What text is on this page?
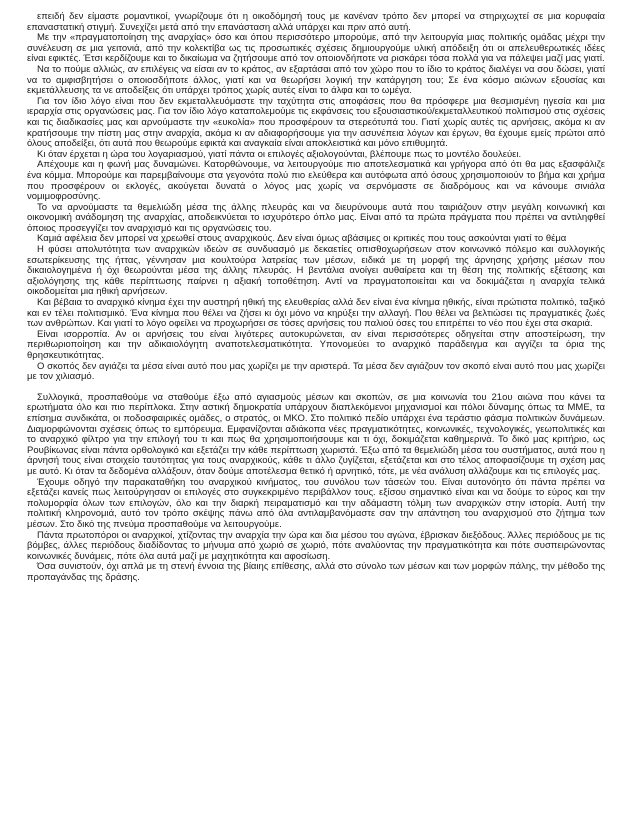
επειδή δεν είμαστε ρομαντικοί, γνωρίζουμε ότι η οικοδόμησή τους με κανέναν τρόπο δεν μπορεί να στηριχωχτεί σε μια κορυφαία επαναστατική στιγμή. Συνεχίζει μετά από την επανάσταση αλλά υπάρχει και πριν από αυτή.

Με την «πραγματοποίηση της αναρχίας» όσο και όπου περισσότερο μπορούμε, από την λειτουργία μιας πολιτικής ομάδας μέχρι την συνέλευση σε μια γειτονιά, από την κολεκτίβα ως τις προσωπικές σχέσεις δημιουργούμε υλική απόδειξη ότι οι απελευθερωτικές ιδέες είναι εφικτές. Έτσι κερδίζουμε και το δικαίωμα να ζητήσουμε από τον οποιονδήποτε να ρισκάρει τόσα πολλά για να πάλεψει μαζί μας γιατί.

Να το πούμε αλλιώς, αν επιλέγεις να είσαι αν το κράτος, αν εξαρτάσαι από τον χώρο που το ίδιο το κράτος διαλέγει να σου δώσει, γιατί να το αμφισβητήσει ο οποιοσδήποτε άλλος, γιατί και να θεωρήσει λογική την κατάργηση του; Σε ένα κόσμο αιώνων εξουσίας και εκμετάλλευσης τα νε αποδείξεις ότι υπάρχει τρόπος χωρίς αυτές είναι το άλφα και το ωμέγα.

Για τον ίδιο λόγο είναι που δεν εκμεταλλευόμαστε την ταχύτητα στις αποφάσεις που θα πρόσφερε μια θεσμισμένη ηγεσία και μια ιεραρχία στις οργανώσεις μας. Για τον ίδιο λόγο καταπολεμούμε τις εκφάνσεις του εξουσιαστικού/εκμεταλλευτικού πολιτισμού στις σχέσεις και τις διαδικασίες μας και αρνούμαστε την «ευκολία» που προσφέρουν τα στερεότυπά του. Γιατί χωρίς αυτές τις αρνήσεις, ακόμα κι αν κρατήσουμε την πίστη μας στην αναρχία, ακόμα κι αν αδιαφορήσουμε για την ασυνέπεια λόγων και έργων, θα έχουμε εμείς πρώτοι από όλους αποδείξει, ότι αυτά που θεωρούμε εφικτά και αναγκαία είναι αποκλειστικά και μόνο επιθυμητά.

Κι όταν έρχεται η ώρα του λογαριασμού, γιατί πάντα οι επιλογές αξιολογούνται, βλέπουμε πως το μοντέλο δουλεύει.

Απέχουμε και η φωνή μας δυναμώνει. Κατορθώνουμε, να λειτουργούμε πιο αποτελεσματικά και γρήγορα από ότι θα μας εξασφάλιζε ένα κόμμα. Μπορούμε και παρεμβαίνουμε στα γεγονότα πολύ πιο ελεύθερα και αυτόφωτα από όσους χρησιμοποιούν το βήμα και χρήμα που προσφέρουν οι εκλογές, ακούγεται δυνατά ο λόγος μας χωρίς να σερνόμαστε σε διαδρόμους και να κάνουμε σινιάλα νομιμοφροσύνης.

Το να αρνούμαστε τα θεμελιώδη μέσα της άλλης πλευράς και να διευρύνουμε αυτά που ταιριάζουν στην μεγάλη κοινωνική και οικονομική ανάδομηση της αναρχίας, αποδεικνύεται το ισχυρότερο όπλο μας. Είναι από τα πρώτα πράγματα που πρέπει να αντιληφθεί όποιος προσεγγίζει τον αναρχισμό και τις οργανώσεις του.

Καμιά αφέλεια δεν μπορεί να χρεωθεί στους αναρχικούς. Δεν είναι όμως αβάσιμες οι κριτικές που τους ασκούνται γιατί το θέμα

Η φύσει απολυτότητα των αναρχικών ιδεών σε συνδυασμό με δεκαετίες οπισθοχωρήσεων στον κοινωνικό πόλεμο και συλλογικής εσωτερίκευσης της ήττας, γέννησαν μια κουλτούρα λατρείας των μέσων, ειδικά με τη μορφή της άρνησης χρήσης μέσων που δικαιολογημένα ή όχι θεωρούνται μέσα της άλλης πλευράς. Η βεντάλια ανοίγει αυθαίρετα και τη θέση της πολιτικής εξέτασης και αξιολόγησης της κάθε περίπτωσης παίρνει η αξιακή τοποθέτηση. Αντί να πραγματοποιείται και να δοκιμάζεται η αναρχία τελικά οικοδομείται μια ηθική αρνήσεων.

Και βέβαια το αναρχικό κίνημα έχει την αυστηρή ηθική της ελευθερίας αλλά δεν είναι ένα κίνημα ηθικής, είναι πρώτιστα πολιτικό, ταξικό και εν τέλει πολιτισμικό. Ένα κίνημα που θέλει να ζήσει κι όχι μόνο να κηρύξει την αλλαγή. Που θέλει να βελτιώσει τις πραγματικές ζωές των ανθρώπων. Και γιατί το λόγο οφείλει να προχωρήσει σε τόσες αρνήσεις του παλιού όσες του επιτρέπει το νέο που έχει στα σκαριά.

Είναι ισορροπία. Αν οι αρνήσεις του είναι λιγότερες αυτοκυρώνεται, αν είναι περισσότερες οδηγείται στην αποστείρωση, την περιθωριοποίηση και την αδικαιολόγητη αναποτελεσματικότητα. Υπονομεύει το αναρχικό παράδειγμα και αγγίζει τα όρια της θρησκευτικότητας.

Ο σκοπός δεν αγιάζει τα μέσα είναι αυτό που μας χωρίζει με την αριστερά. Τα μέσα δεν αγιάζουν τον σκοπό είναι αυτό που μας χωρίζει με τον χιλιασμό.

Συλλογικά, προσπαθούμε να σταθούμε έξω από αγιασμούς μέσων και σκοπών, σε μια κοινωνία του 21ου αιώνα που κάνει τα ερωτήματα όλο και πιο περίπλοκα. Στην αστική δημοκρατία υπάρχουν διαπλεκόμενοι μηχανισμοί και πόλοι δύναμης όπως τα ΜΜΕ, τα επίσημα συνδικάτα, οι ποδοσφαιρικές ομάδες, ο στρατός, οι ΜΚΟ. Στο πολιτικό πεδίο υπάρχει ένα τεράστιο φάσμα πολιτικών δυνάμεων. Διαμορφώνονται σχέσεις όπως το εμπόρευμα. Εμφανίζονται αδιάκοπα νέες πραγματικότητες, κοινωνικές, τεχνολογικές, γεωπολιτικές και το αναρχικό φίλτρο για την επιλογή του τι και πως θα χρησιμοποιήσουμε και τι όχι, δοκιμάζεται καθημερινά. Το δικό μας κριτήριο, ως Ρουβίκωνας είναι πάντα ορθολογικό και εξετάζει την κάθε περίπτωση χωριστά. Έξω από τα θεμελιώδη μέσα του συστήματος, αυτά που η άρνησή τους είναι στοιχείο ταυτότητας για τους αναρχικούς, κάθε τι άλλο ζυγίζεται, εξετάζεται και στο τέλος αποφασίζουμε τη σχέση μας με αυτό. Κι όταν τα δεδομένα αλλάξουν, όταν δούμε αποτέλεσμα θετικό ή αρνητικό, τότε, με νέα ανάλυση αλλάζουμε και τις επιλογές μας.

Έχουμε οδηγό την παρακαταθήκη του αναρχικού κινήματος, του συνόλου των τάσεών του. Είναι αυτονόητο ότι πάντα πρέπει να εξετάζει κανείς πως λειτούργησαν οι επιλογές στο συγκεκριμένο περιβάλλον τους. εξίσου σημαντικό είναι και να δούμε το εύρος και την πολυμορφία όλων των επιλογών, όλο και την διαρκή πειραματισμό και την αδάμαστη τόλμη των αναρχικών στην ιστορία. Αυτή την πολιτική κληρονομιά, αυτό τον τρόπο σκέψης πάνω από όλα αντιλαμβανόμαστε σαν την απάντηση του αναρχισμού στο ζήτημα των μέσων. Στο δικό της πνεύμα προσπαθούμε να λειτουργούμε.

Πάντα πρωτοπόροι οι αναρχικοί, χτίζοντας την αναρχία την ώρα και δια μέσου του αγώνα, έβρισκαν διεξόδους. Άλλες περιόδους με τις βόμβες, άλλες περιόδους διαδίδοντας το μήνυμα από χωριό σε χωριό, πότε αναλύοντας την πραγματικότητα και πότε συσπειρώνοντας κοινωνικές δυνάμεις, πότε όλα αυτά μαζί με μαχητικότητα και αφοσίωση.

Όσα συνιστούν, όχι απλά με τη στενή έννοια της βίαιης επίθεσης, αλλά στο σύνολο των μέσων και των μορφών πάλης, την μέθοδο της προπαγάνδας της δράσης.
